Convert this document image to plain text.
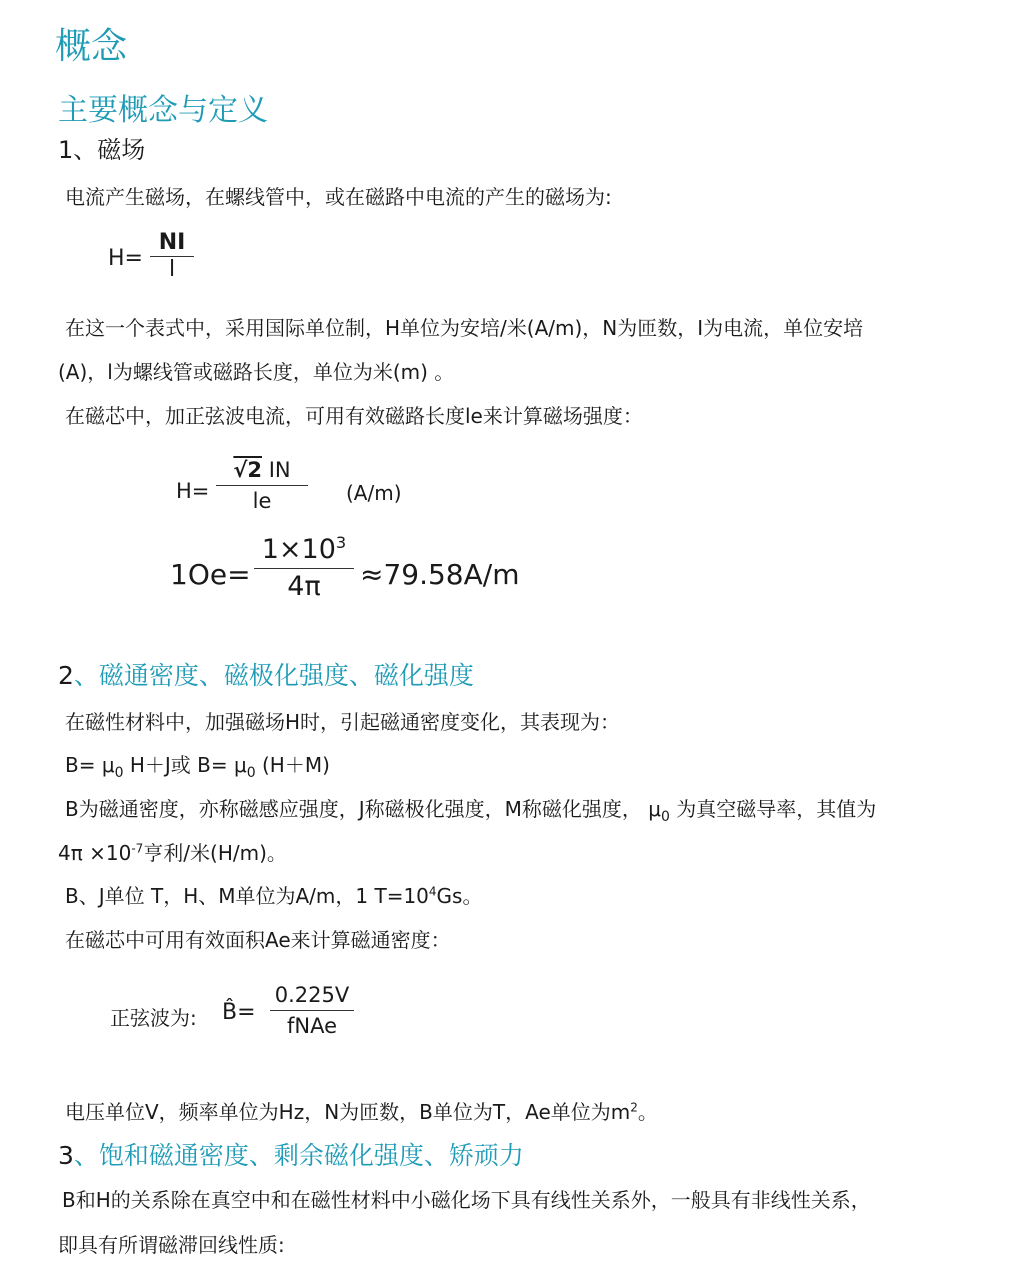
概念
主要概念与定义
1、磁场
电流产生磁场，在螺线管中，或在磁路中电流的产生的磁场为:
H=
NI
l
在这一个表式中，采用国际单位制，H单位为安培/米(A/m)，N为匝数，I为电流，单位安培
(A)，l为螺线管或磁路长度，单位为米(m) 。
在磁芯中，加正弦波电流，可用有效磁路长度le来计算磁场强度：
H=
√2 IN
le	(A/m)
1Oe=
$1\times 10^3$
4π ≈79.58A/m
2、磁通密度、磁极化强度、磁化强度
在磁性材料中，加强磁场H时，引起磁通密度变化，其表现为：
$B= \mu_0$ H＋J或 $B= \mu_0$ (H＋M)
B为磁通密度，亦称磁感应强度，J称磁极化强度，M称磁化强度， $\mu_0$ 为真空磁导率，其值为
$4\pi \times 10^{-7}$亨利/米(H/m)。
B、J单位 T，H、M单位为A/m，1 $T=10^4Gs$。
在磁芯中可用有效面积Ae来计算磁通密度：
正弦波为: B̂=
0.225V
fNAe
电压单位V，频率单位为Hz，N为匝数，B单位为T，Ae单位为$m^2$。
3、饱和磁通密度、剩余磁化强度、矫顽力
B和H的关系除在真空中和在磁性材料中小磁化场下具有线性关系外，一般具有非线性关系，
即具有所谓磁滞回线性质:
